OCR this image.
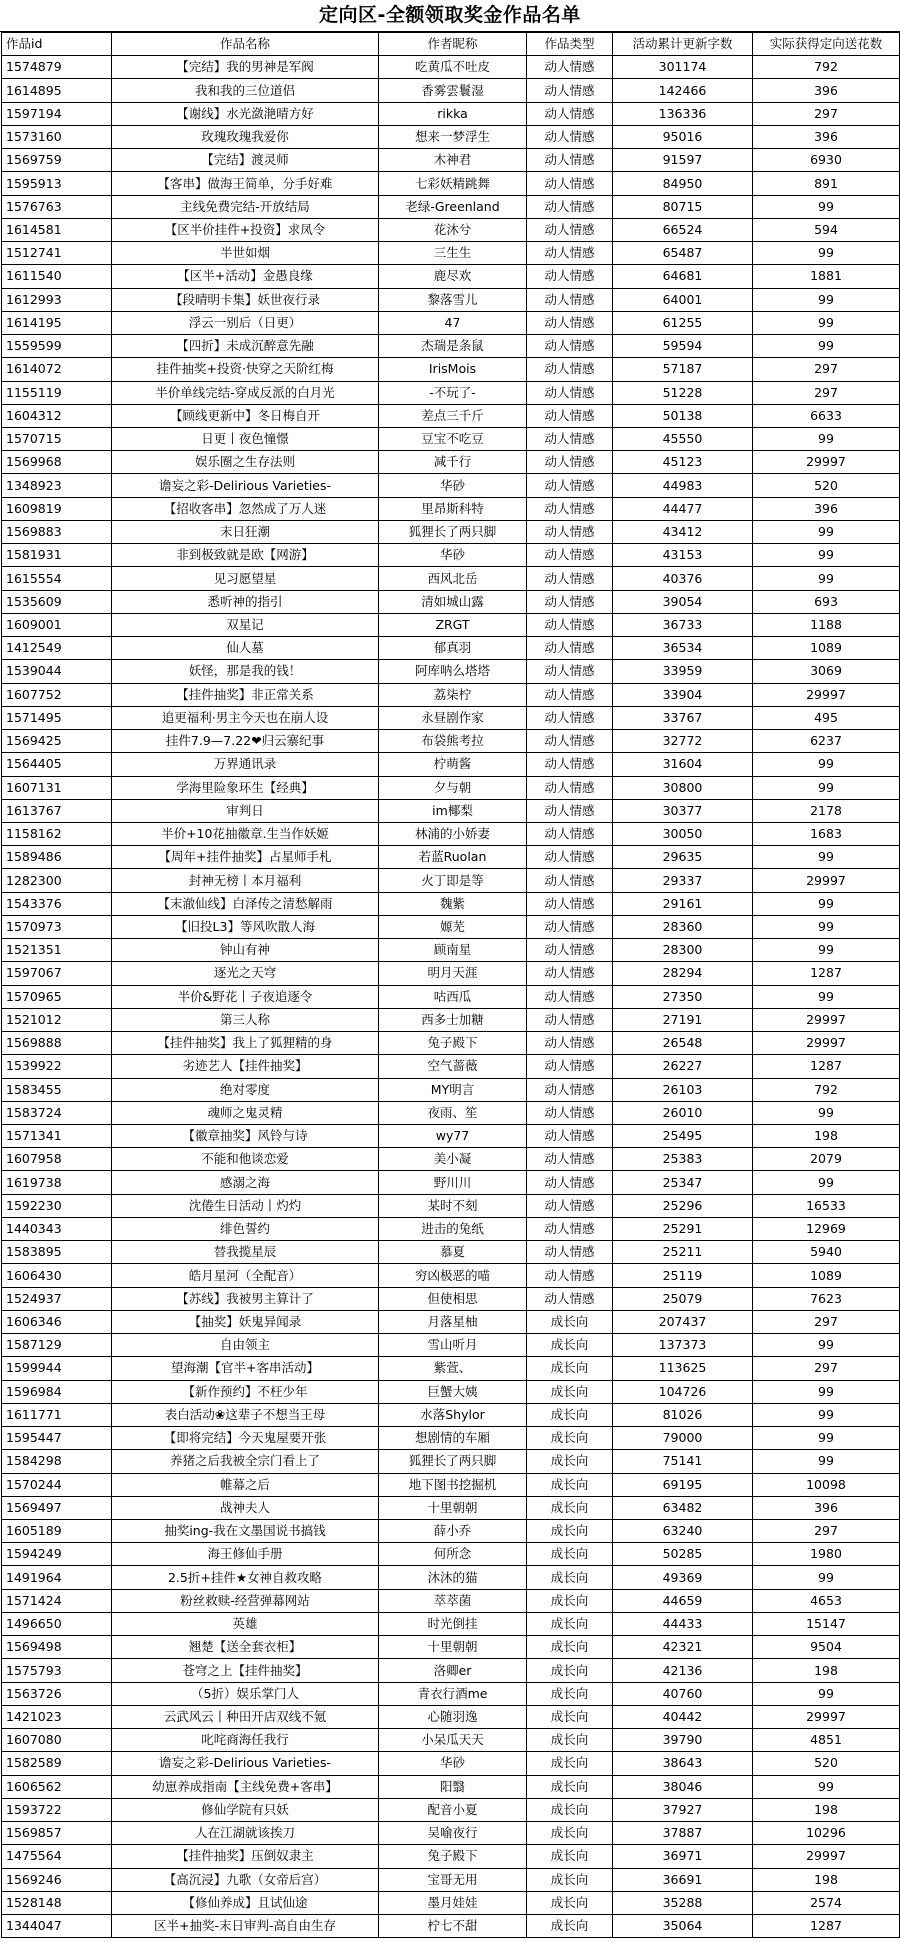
定向区-全额领取奖金作品名单
作品id	作品名称	作者昵称	作品类型	活动累计更新字数	实际获得定向送花数
1574879	【完结】我的男神是军阀	吃黄瓜不吐皮	动人情感	301174	792
1614895	我和我的三位道侣	香雾雲鬟湿	动人情感	142466	396
1597194	【谢线】水光潋滟晴方好	rikka	动人情感	136336	297
1573160	玫瑰玫瑰我爱你	想来一梦浮生	动人情感	95016	396
1569759	【完结】渡灵师	木神君	动人情感	91597	6930
1595913	【客串】做海王简单，分手好难	七彩妖精跳舞	动人情感	84950	891
1576763	主线免费完结-开放结局	老绿-Greenland	动人情感	80715	99
1614581	【区半价挂件+投资】求凤令	花沐兮	动人情感	66524	594
1512741	半世如烟	三生生	动人情感	65487	99
1611540	【区半+活动】金愚良缘	鹿尽欢	动人情感	64681	1881
1612993	【段晴明卡集】妖世夜行录	黎落雪儿	动人情感	64001	99
1614195	浮云一别后（日更）	47	动人情感	61255	99
1559599	【四折】未成沉醉意先融	杰瑞是条鼠	动人情感	59594	99
1614072	挂件抽奖+投资·快穿之天阶红梅	IrisMois	动人情感	57187	297
1155119	半价单线完结-穿成反派的白月光	-不玩了-	动人情感	51228	297
1604312	【顾线更新中】冬日梅自开	差点三千斤	动人情感	50138	6633
1570715	日更丨夜色憧憬	豆宝不吃豆	动人情感	45550	99
1569968	娱乐圈之生存法则	减千行	动人情感	45123	29997
1348923	谵妄之彩-Delirious Varieties-	华砂	动人情感	44983	520
1609819	【招收客串】忽然成了万人迷	里昂斯科特	动人情感	44477	396
1569883	末日狂潮	狐狸长了两只脚	动人情感	43412	99
1581931	非到极致就是欧【网游】	华砂	动人情感	43153	99
1615554	见习愿望星	西风北岳	动人情感	40376	99
1535609	悉听神的指引	清如城山露	动人情感	39054	693
1609001	双星记	ZRGT	动人情感	36733	1188
1412549	仙人墓	郁真羽	动人情感	36534	1089
1539044	妖怪，那是我的钱！	阿库呐么塔塔	动人情感	33959	3069
1607752	【挂件抽奖】非正常关系	荔柒柠	动人情感	33904	29997
1571495	追更福利·男主今天也在崩人设	永昼剧作家	动人情感	33767	495
1569425	挂件7.9—7.22❤归云寨纪事	布袋熊考拉	动人情感	32772	6237
1564405	万界通讯录	柠萌酱	动人情感	31604	99
1607131	学海里险象环生【经典】	夕与朝	动人情感	30800	99
1613767	审判日	im椰梨	动人情感	30377	2178
1158162	半价+10花抽徽章.生当作妖姬	林浦的小娇妻	动人情感	30050	1683
1589486	【周年+挂件抽奖】占星师手札	若蓝Ruolan	动人情感	29635	99
1282300	封神无榜丨本月福利	火丁即是等	动人情感	29337	29997
1543376	【末澈仙线】白泽传之清愁解雨	魏紫	动人情感	29161	99
1570973	【旧投L3】等风吹散人海	嫄芜	动人情感	28360	99
1521351	钟山有神	顾南星	动人情感	28300	99
1597067	逐光之天穹	明月天涯	动人情感	28294	1287
1570965	半价&野花丨子夜追逐令	咕西瓜	动人情感	27350	99
1521012	第三人称	西多士加糖	动人情感	27191	29997
1569888	【挂件抽奖】我上了狐狸精的身	兔子殿下	动人情感	26548	29997
1539922	劣迹艺人【挂件抽奖】	空气蔷薇	动人情感	26227	1287
1583455	绝对零度	MY明言	动人情感	26103	792
1583724	魂师之鬼灵精	夜雨、笙	动人情感	26010	99
1571341	【徽章抽奖】风铃与诗	wy77	动人情感	25495	198
1607958	不能和他谈恋爱	美小凝	动人情感	25383	2079
1619738	感溺之海	野川川	动人情感	25347	99
1592230	沈倦生日活动丨灼灼	某时不刻	动人情感	25296	16533
1440343	绯色誓约	进击的兔纸	动人情感	25291	12969
1583895	替我揽星辰	慕夏	动人情感	25211	5940
1606430	皓月星河（全配音）	穷凶极恶的喵	动人情感	25119	1089
1524937	【苏线】我被男主算计了	但使相思	动人情感	25079	7623
1606346	【抽奖】妖鬼异闻录	月落星柚	成长向	207437	297
1587129	自由领主	雪山听月	成长向	137373	99
1599944	望海潮【官半+客串活动】	紫萱、	成长向	113625	297
1596984	【新作预约】不枉少年	巨蟹大姨	成长向	104726	99
1611771	表白活动❀这辈子不想当王母	水落Shylor	成长向	81026	99
1595447	【即将完结】今天鬼屋要开张	想剧情的车厢	成长向	79000	99
1584298	养猪之后我被全宗门看上了	狐狸长了两只脚	成长向	75141	99
1570244	帷幕之后	地下图书挖掘机	成长向	69195	10098
1569497	战神夫人	十里朝朝	成长向	63482	396
1605189	抽奖ing-我在文墨国说书搞钱	薛小乔	成长向	63240	297
1594249	海王修仙手册	何所念	成长向	50285	1980
1491964	2.5折+挂件★女神自救攻略	沐沐的猫	成长向	49369	99
1571424	粉丝救赎-经营弹幕网站	萃萃菌	成长向	44659	4653
1496650	英雄	时光倒挂	成长向	44433	15147
1569498	翘楚【送全套衣柜】	十里朝朝	成长向	42321	9504
1575793	苍穹之上【挂件抽奖】	洛卿er	成长向	42136	198
1563726	（5折）娱乐掌门人	青衣行酒me	成长向	40760	99
1421023	云武风云丨种田开店双线不氪	心随羽逸	成长向	40442	29997
1607080	叱咤商海任我行	小呆瓜天天	成长向	39790	4851
1582589	谵妄之彩-Delirious Varieties-	华砂	成长向	38643	520
1606562	幼崽养成指南【主线免费+客串】	阳翳	成长向	38046	99
1593722	修仙学院有只妖	配音小夏	成长向	37927	198
1569857	人在江湖就该挨刀	吴喻夜行	成长向	37887	10296
1475564	【挂件抽奖】压倒奴隶主	兔子殿下	成长向	36971	29997
1569246	【高沉浸】九歌（女帝后宫）	宝哥无用	成长向	36691	198
1528148	【修仙养成】且试仙途	墨月娃娃	成长向	35288	2574
1344047	区半+抽奖-末日审判-高自由生存	柠七不甜	成长向	35064	1287
